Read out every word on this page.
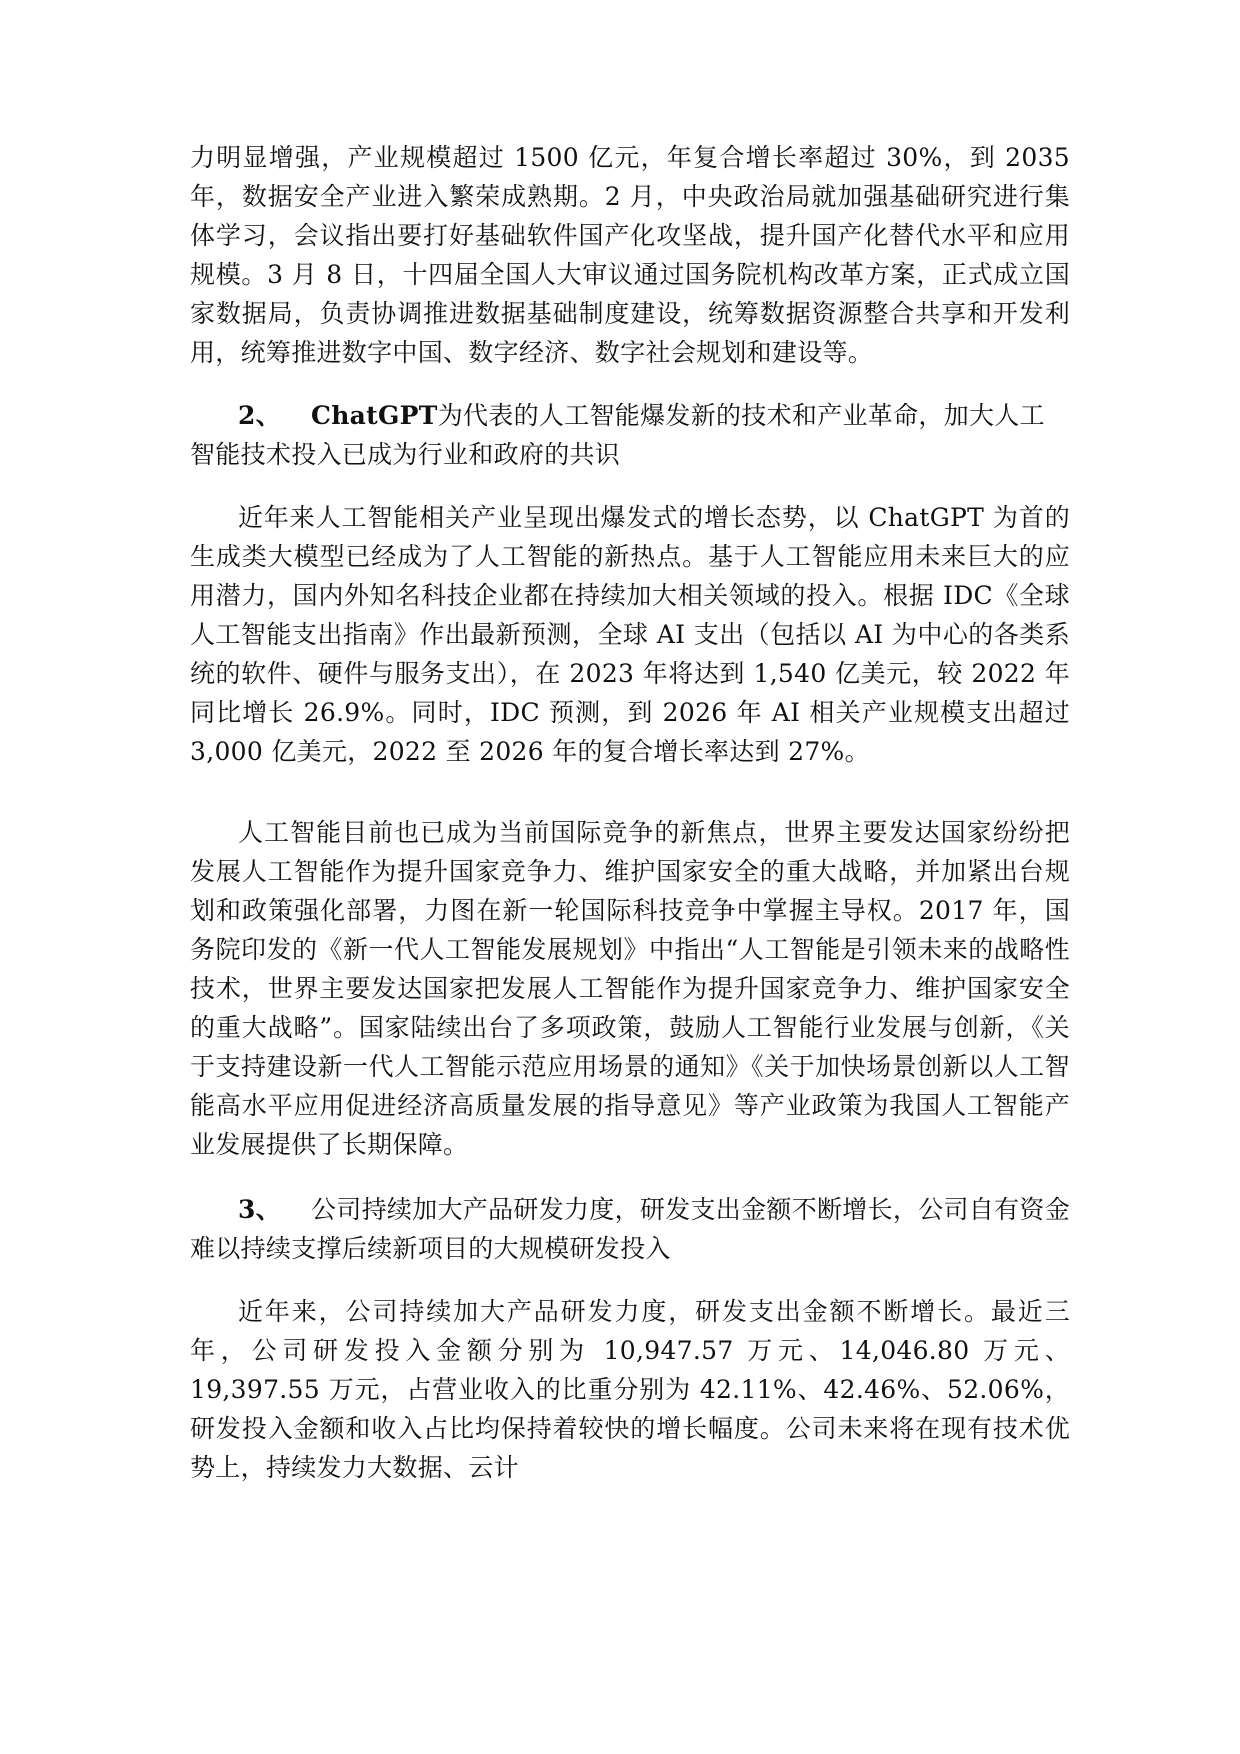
力明显增强，产业规模超过 1500 亿元，年复合增长率超过 30%，到 2035 年，数据安全产业进入繁荣成熟期。2 月，中央政治局就加强基础研究进行集体学习，会议指出要打好基础软件国产化攻坚战，提升国产化替代水平和应用规模。3 月 8 日，十四届全国人大审议通过国务院机构改革方案，正式成立国家数据局，负责协调推进数据基础制度建设，统筹数据资源整合共享和开发利用，统筹推进数字中国、数字经济、数字社会规划和建设等。

2、 ChatGPT为代表的人工智能爆发新的技术和产业革命，加大人工智能技术投入已成为行业和政府的共识

近年来人工智能相关产业呈现出爆发式的增长态势，以 ChatGPT 为首的生成类大模型已经成为了人工智能的新热点。基于人工智能应用未来巨大的应用潜力，国内外知名科技企业都在持续加大相关领域的投入。根据 IDC《全球人工智能支出指南》作出最新预测，全球 AI 支出（包括以 AI 为中心的各类系统的软件、硬件与服务支出），在 2023 年将达到 1,540 亿美元，较 2022 年同比增长 26.9%。同时，IDC 预测，到 2026 年 AI 相关产业规模支出超过 3,000 亿美元，2022 至 2026 年的复合增长率达到 27%。

人工智能目前也已成为当前国际竞争的新焦点，世界主要发达国家纷纷把发展人工智能作为提升国家竞争力、维护国家安全的重大战略，并加紧出台规划和政策强化部署，力图在新一轮国际科技竞争中掌握主导权。2017 年，国务院印发的《新一代人工智能发展规划》中指出“人工智能是引领未来的战略性技术，世界主要发达国家把发展人工智能作为提升国家竞争力、维护国家安全的重大战略”。国家陆续出台了多项政策，鼓励人工智能行业发展与创新，《关于支持建设新一代人工智能示范应用场景的通知》《关于加快场景创新以人工智能高水平应用促进经济高质量发展的指导意见》等产业政策为我国人工智能产业发展提供了长期保障。

3、 公司持续加大产品研发力度，研发支出金额不断增长，公司自有资金难以持续支撑后续新项目的大规模研发投入

近年来，公司持续加大产品研发力度，研发支出金额不断增长。最近三年，公司研发投入金额分别为 10,947.57 万元、14,046.80 万元、19,397.55 万元，占营业收入的比重分别为 42.11%、42.46%、52.06%，研发投入金额和收入占比均保持着较快的增长幅度。公司未来将在现有技术优势上，持续发力大数据、云计
